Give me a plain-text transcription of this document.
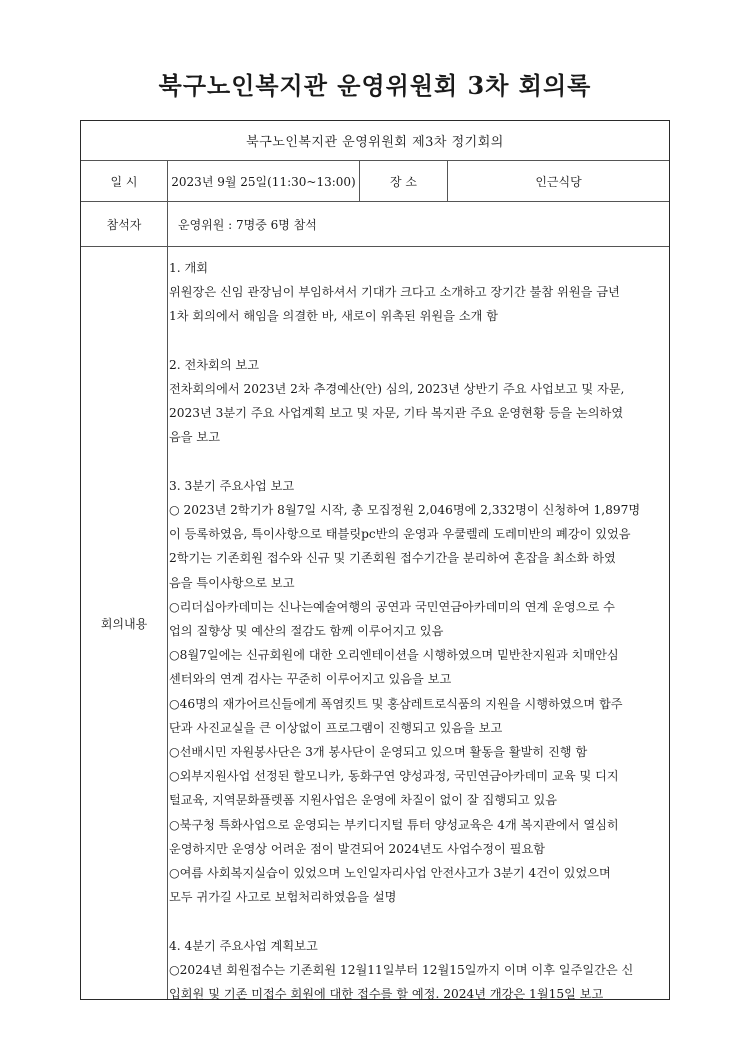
북구노인복지관 운영위원회 3차 회의록
북구노인복지관 운영위원회 제3차 정기회의
일 시	2023년 9월 25일(11:30~13:00)	장 소	인근식당
참석자	운영위원 : 7명중 6명 참석
회의내용
1. 개회
위원장은 신임 관장님이 부임하셔서 기대가 크다고 소개하고 장기간 불참 위원을 금년
1차 회의에서 해임을 의결한 바, 새로이 위촉된 위원을 소개 함
2. 전차회의 보고
전차회의에서 2023년 2차 추경예산(안) 심의, 2023년 상반기 주요 사업보고 및 자문,
2023년 3분기 주요 사업계획 보고 및 자문, 기타 복지관 주요 운영현황 등을 논의하였
음을 보고
3. 3분기 주요사업 보고
○ 2023년 2학기가 8월7일 시작, 총 모집정원 2,046명에 2,332명이 신청하여 1,897명
이 등록하였음, 특이사항으로 태블릿pc반의 운영과 우쿨렐레 도레미반의 폐강이 있었음
2학기는 기존회원 접수와 신규 및 기존회원 접수기간을 분리하여 혼잡을 최소화 하였
음을 특이사항으로 보고
○리더십아카데미는 신나는예술여행의 공연과 국민연금아카데미의 연계 운영으로 수
업의 질향상 및 예산의 절감도 함께 이루어지고 있음
○8월7일에는 신규회원에 대한 오리엔테이션을 시행하였으며 밑반찬지원과 치매안심
센터와의 연계 검사는 꾸준히 이루어지고 있음을 보고
○46명의 재가어르신들에게 폭염킷트 및 홍삼레트로식품의 지원을 시행하였으며 합주
단과 사진교실을 큰 이상없이 프로그램이 진행되고 있음을 보고
○선배시민 자원봉사단은 3개 봉사단이 운영되고 있으며 활동을 활발히 진행 함
○외부지원사업 선정된 할모니카, 동화구연 양성과정, 국민연금아카데미 교육 및 디지
털교육, 지역문화플렛폼 지원사업은 운영에 차질이 없이 잘 집행되고 있음
○북구청 특화사업으로 운영되는 부키디지털 튜터 양성교육은 4개 복지관에서 열심히
운영하지만 운영상 어려운 점이 발견되어 2024년도 사업수정이 필요함
○여름 사회복지실습이 있었으며 노인일자리사업 안전사고가 3분기 4건이 있었으며
모두 귀가길 사고로 보험처리하였음을 설명
4. 4분기 주요사업 계획보고
○2024년 회원접수는 기존회원 12월11일부터 12월15일까지 이며 이후 일주일간은 신
입회원 및 기존 미접수 회원에 대한 접수를 할 예정. 2024년 개강은 1월15일 보고
